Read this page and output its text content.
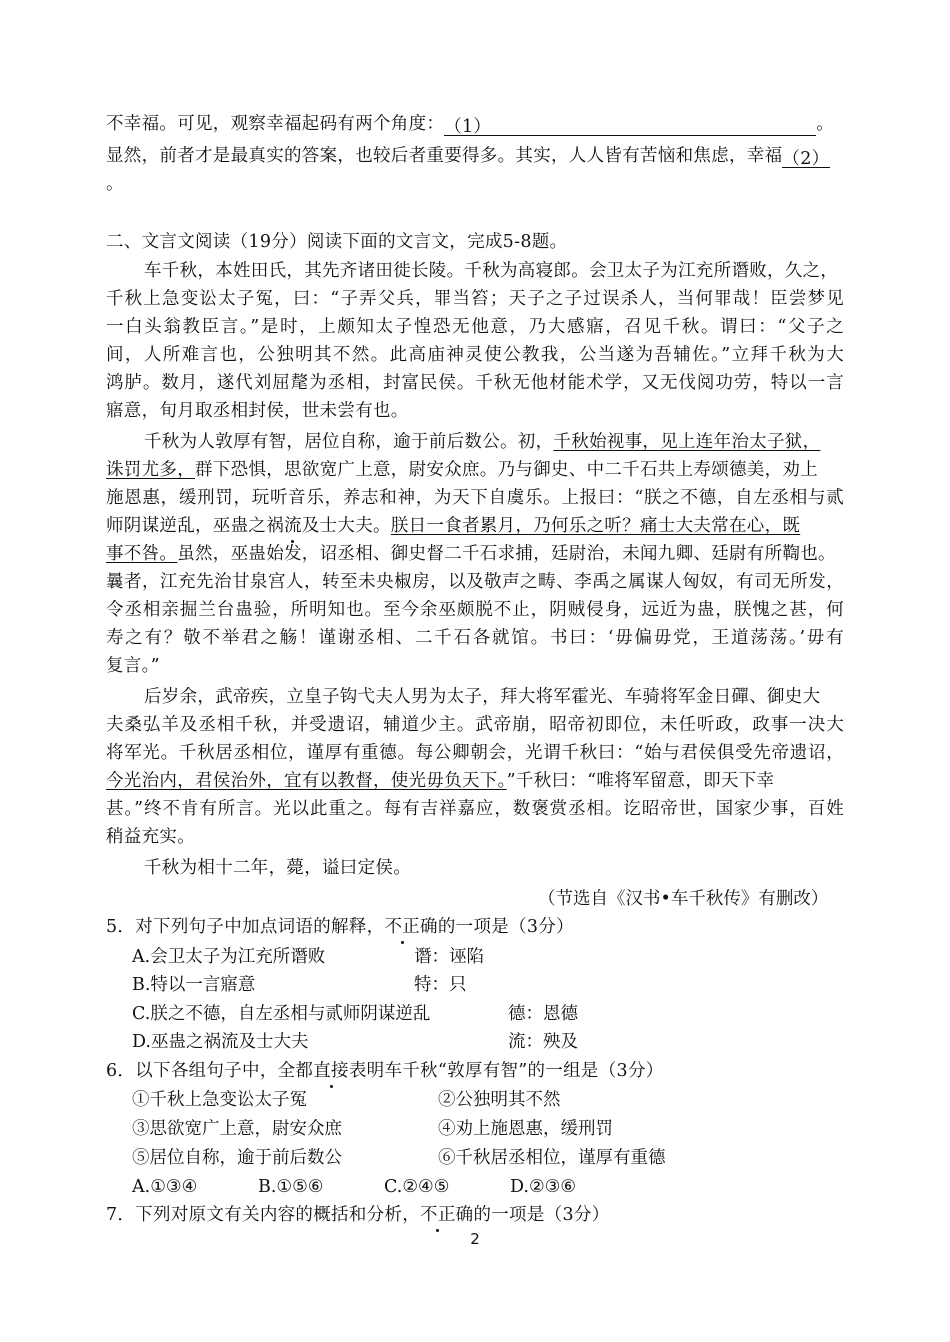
不幸福。可见，观察幸福起码有两个角度：（1）	。
显然，前者才是最真实的答案，也较后者重要得多。其实，人人皆有苦恼和焦虑，幸福（2）
。
二、文言文阅读（19分）阅读下面的文言文，完成5-8题。
车千秋，本姓田氏，其先齐诸田徙长陵。千秋为高寝郎。会卫太子为江充所谮败，久之，
千秋上急变讼太子冤，曰：“子弄父兵，罪当笞；天子之子过误杀人，当何罪哉！臣尝梦见
一白头翁教臣言。”是时，上颇知太子惶恐无他意，乃大感寤，召见千秋。谓曰：“父子之
间，人所难言也，公独明其不然。此高庙神灵使公教我，公当遂为吾辅佐。”立拜千秋为大
鸿胪。数月，遂代刘屈氂为丞相，封富民侯。千秋无他材能术学，又无伐阅功劳，特以一言
寤意，旬月取丞相封侯，世未尝有也。
千秋为人敦厚有智，居位自称，逾于前后数公。初，千秋始视事，见上连年治太子狱，
诛罚尤多，群下恐惧，思欲宽广上意，尉安众庶。乃与御史、中二千石共上寿颂德美，劝上
施恩惠，缓刑罚，玩听音乐，养志和神，为天下自虞乐。上报曰：“朕之不德，自左丞相与贰
师阴谋逆乱，巫蛊之祸流及士大夫。朕日一食者累月，乃何乐之听？痛士大夫常在心，既
事不咎。虽然，巫蛊始发，诏丞相、御史督二千石求捕，廷尉治，未闻九卿、廷尉有所鞫也。
曩者，江充先治甘泉宫人，转至未央椒房，以及敬声之畴、李禹之属谋人匈奴，有司无所发，
令丞相亲掘兰台蛊验，所明知也。至今余巫颇脱不止，阴贼侵身，远近为蛊，朕愧之甚，何
寿之有？敬不举君之觞！谨谢丞相、二千石各就馆。书曰：‘毋偏毋党，王道荡荡。’毋有
复言。”
后岁余，武帝疾，立皇子钩弋夫人男为太子，拜大将军霍光、车骑将军金日磾、御史大
夫桑弘羊及丞相千秋，并受遗诏，辅道少主。武帝崩，昭帝初即位，未任听政，政事一决大
将军光。千秋居丞相位，谨厚有重德。每公卿朝会，光谓千秋曰：“始与君侯俱受先帝遗诏，
今光治内，君侯治外，宜有以教督，使光毋负天下。”千秋曰：“唯将军留意，即天下幸
甚。”终不肯有所言。光以此重之。每有吉祥嘉应，数褒赏丞相。讫昭帝世，国家少事，百姓
稍益充实。
千秋为相十二年，薨，谥曰定侯。
（节选自《汉书•车千秋传》有删改）
5．对下列句子中加点词语的解释，不正确的一项是（3分）
A.会卫太子为江充所谮败	谮：诬陷
B.特以一言寤意	特：只
C.朕之不德，自左丞相与贰师阴谋逆乱	德：恩德
D.巫蛊之祸流及士大夫	流：殃及
6．以下各组句子中，全都直接表明车千秋“敦厚有智”的一组是（3分）
①千秋上急变讼太子冤	②公独明其不然
③思欲宽广上意，尉安众庶	④劝上施恩惠，缓刑罚
⑤居位自称，逾于前后数公	⑥千秋居丞相位，谨厚有重德
A.①③④	B.①⑤⑥	C.②④⑤	D.②③⑥
7．下列对原文有关内容的概括和分析，不正确的一项是（3分）
2
